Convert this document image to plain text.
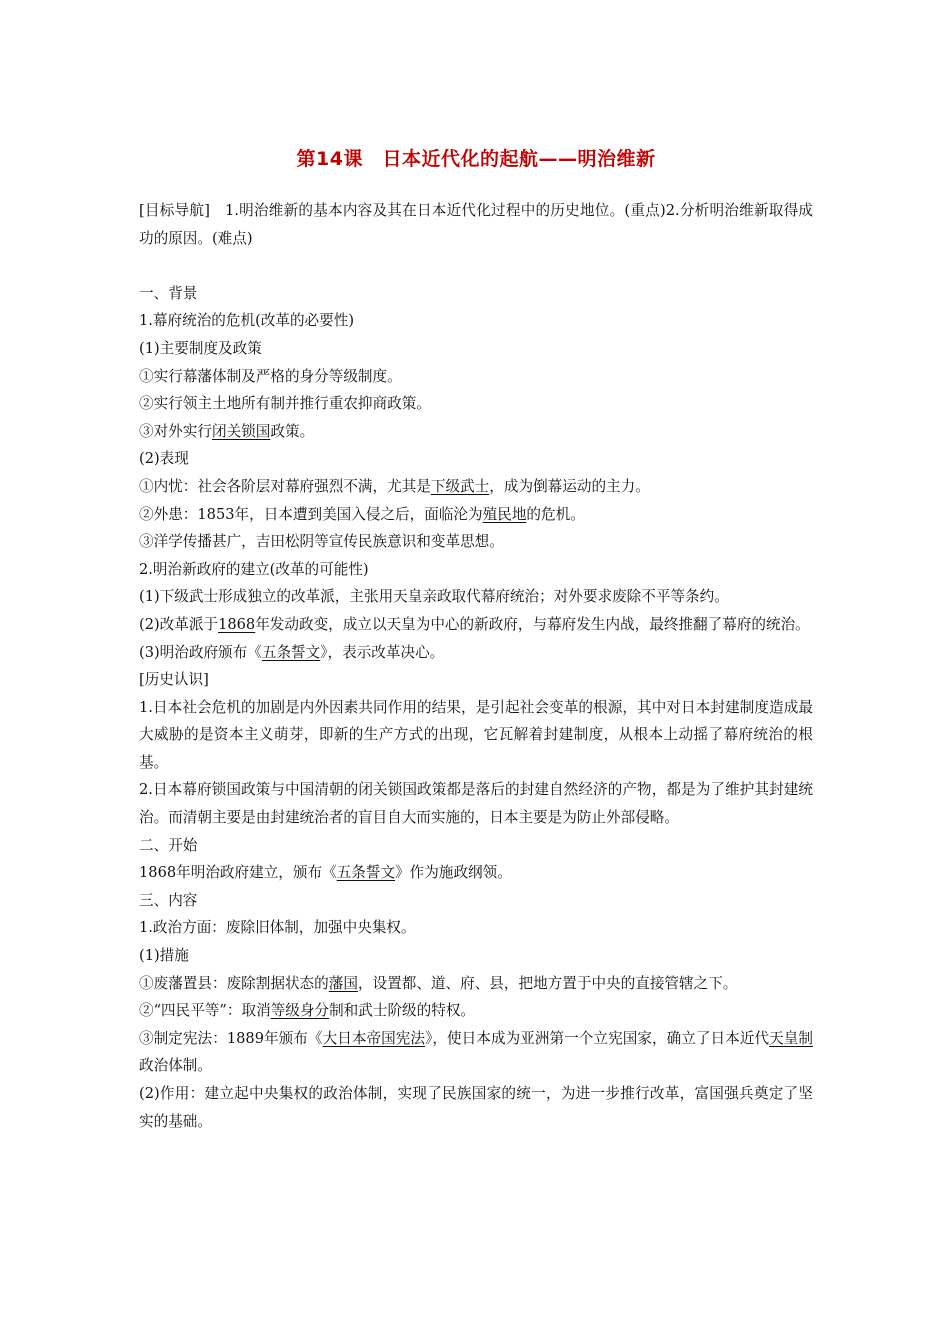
第14课　日本近代化的起航——明治维新

[目标导航]　1.明治维新的基本内容及其在日本近代化过程中的历史地位。(重点)2.分析明治维新取得成功的原因。(难点)

一、背景

1.幕府统治的危机(改革的必要性)

(1)主要制度及政策

①实行幕藩体制及严格的身分等级制度。

②实行领主土地所有制并推行重农抑商政策。

③对外实行闭关锁国政策。

(2)表现

①内忧：社会各阶层对幕府强烈不满，尤其是下级武士，成为倒幕运动的主力。

②外患：1853年，日本遭到美国入侵之后，面临沦为殖民地的危机。

③洋学传播甚广，吉田松阴等宣传民族意识和变革思想。

2.明治新政府的建立(改革的可能性)

(1)下级武士形成独立的改革派，主张用天皇亲政取代幕府统治；对外要求废除不平等条约。

(2)改革派于1868年发动政变，成立以天皇为中心的新政府，与幕府发生内战，最终推翻了幕府的统治。

(3)明治政府颁布《五条誓文》，表示改革决心。

[历史认识]

1.日本社会危机的加剧是内外因素共同作用的结果，是引起社会变革的根源，其中对日本封建制度造成最大威胁的是资本主义萌芽，即新的生产方式的出现，它瓦解着封建制度，从根本上动摇了幕府统治的根基。

2.日本幕府锁国政策与中国清朝的闭关锁国政策都是落后的封建自然经济的产物，都是为了维护其封建统治。而清朝主要是由封建统治者的盲目自大而实施的，日本主要是为防止外部侵略。

二、开始

1868年明治政府建立，颁布《五条誓文》作为施政纲领。

三、内容

1.政治方面：废除旧体制，加强中央集权。

(1)措施

①废藩置县：废除割据状态的藩国，设置都、道、府、县，把地方置于中央的直接管辖之下。

②“四民平等”：取消等级身分制和武士阶级的特权。

③制定宪法：1889年颁布《大日本帝国宪法》，使日本成为亚洲第一个立宪国家，确立了日本近代天皇制政治体制。

(2)作用：建立起中央集权的政治体制，实现了民族国家的统一，为进一步推行改革，富国强兵奠定了坚实的基础。
